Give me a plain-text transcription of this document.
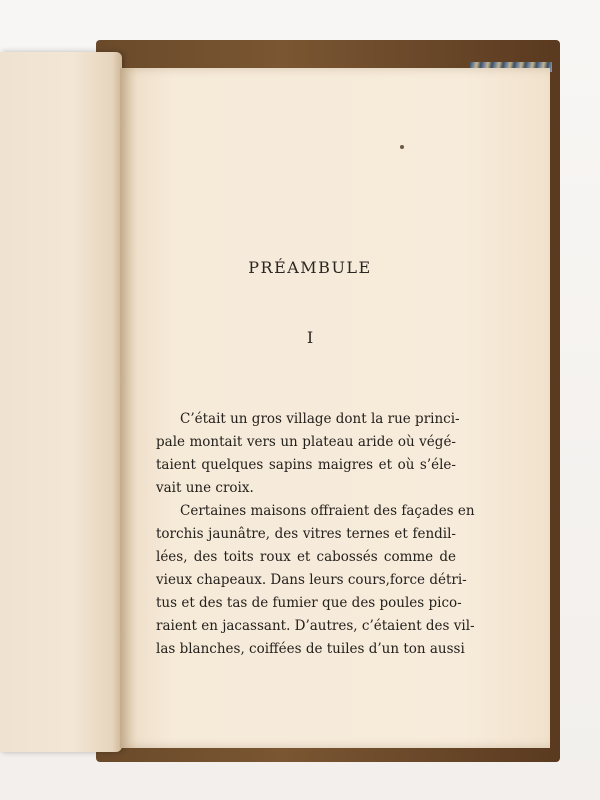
PRÉAMBULE
I
C’était un gros village dont la rue princi-
pale montait vers un plateau aride où végé-
taient quelques sapins maigres et où s’éle-
vait une croix.
Certaines maisons offraient des façades en
torchis jaunâtre, des vitres ternes et fendil-
lées, des toits roux et cabossés comme de
vieux chapeaux. Dans leurs cours,force détri-
tus et des tas de fumier que des poules pico-
raient en jacassant. D’autres, c’étaient des vil-
las blanches, coiffées de tuiles d’un ton aussi
